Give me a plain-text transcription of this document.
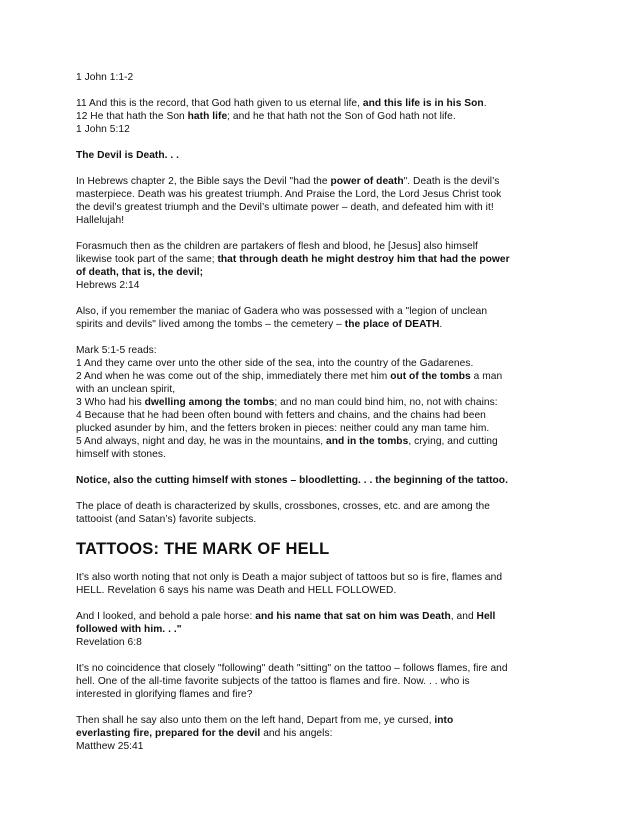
1 John 1:1-2
11 And this is the record, that God hath given to us eternal life, and this life is in his Son.
12 He that hath the Son hath life; and he that hath not the Son of God hath not life.
1 John 5:12
The Devil is Death. . .
In Hebrews chapter 2, the Bible says the Devil "had the power of death". Death is the devil’s
masterpiece. Death was his greatest triumph. And Praise the Lord, the Lord Jesus Christ took
the devil’s greatest triumph and the Devil’s ultimate power – death, and defeated him with it!
Hallelujah!
Forasmuch then as the children are partakers of flesh and blood, he [Jesus] also himself
likewise took part of the same; that through death he might destroy him that had the power
of death, that is, the devil;
Hebrews 2:14
Also, if you remember the maniac of Gadera who was possessed with a "legion of unclean
spirits and devils" lived among the tombs – the cemetery – the place of DEATH.
Mark 5:1-5 reads:
1 And they came over unto the other side of the sea, into the country of the Gadarenes.
2 And when he was come out of the ship, immediately there met him out of the tombs a man
with an unclean spirit,
3 Who had his dwelling among the tombs; and no man could bind him, no, not with chains:
4 Because that he had been often bound with fetters and chains, and the chains had been
plucked asunder by him, and the fetters broken in pieces: neither could any man tame him.
5 And always, night and day, he was in the mountains, and in the tombs, crying, and cutting
himself with stones.
Notice, also the cutting himself with stones – bloodletting. . . the beginning of the tattoo.
The place of death is characterized by skulls, crossbones, crosses, etc. and are among the
tattooist (and Satan’s) favorite subjects.
TATTOOS: THE MARK OF HELL
It’s also worth noting that not only is Death a major subject of tattoos but so is fire, flames and
HELL. Revelation 6 says his name was Death and HELL FOLLOWED.
And I looked, and behold a pale horse: and his name that sat on him was Death, and Hell
followed with him. . ."
Revelation 6:8
It’s no coincidence that closely "following" death "sitting" on the tattoo – follows flames, fire and
hell. One of the all-time favorite subjects of the tattoo is flames and fire. Now. . . who is
interested in glorifying flames and fire?
Then shall he say also unto them on the left hand, Depart from me, ye cursed, into
everlasting fire, prepared for the devil and his angels:
Matthew 25:41
